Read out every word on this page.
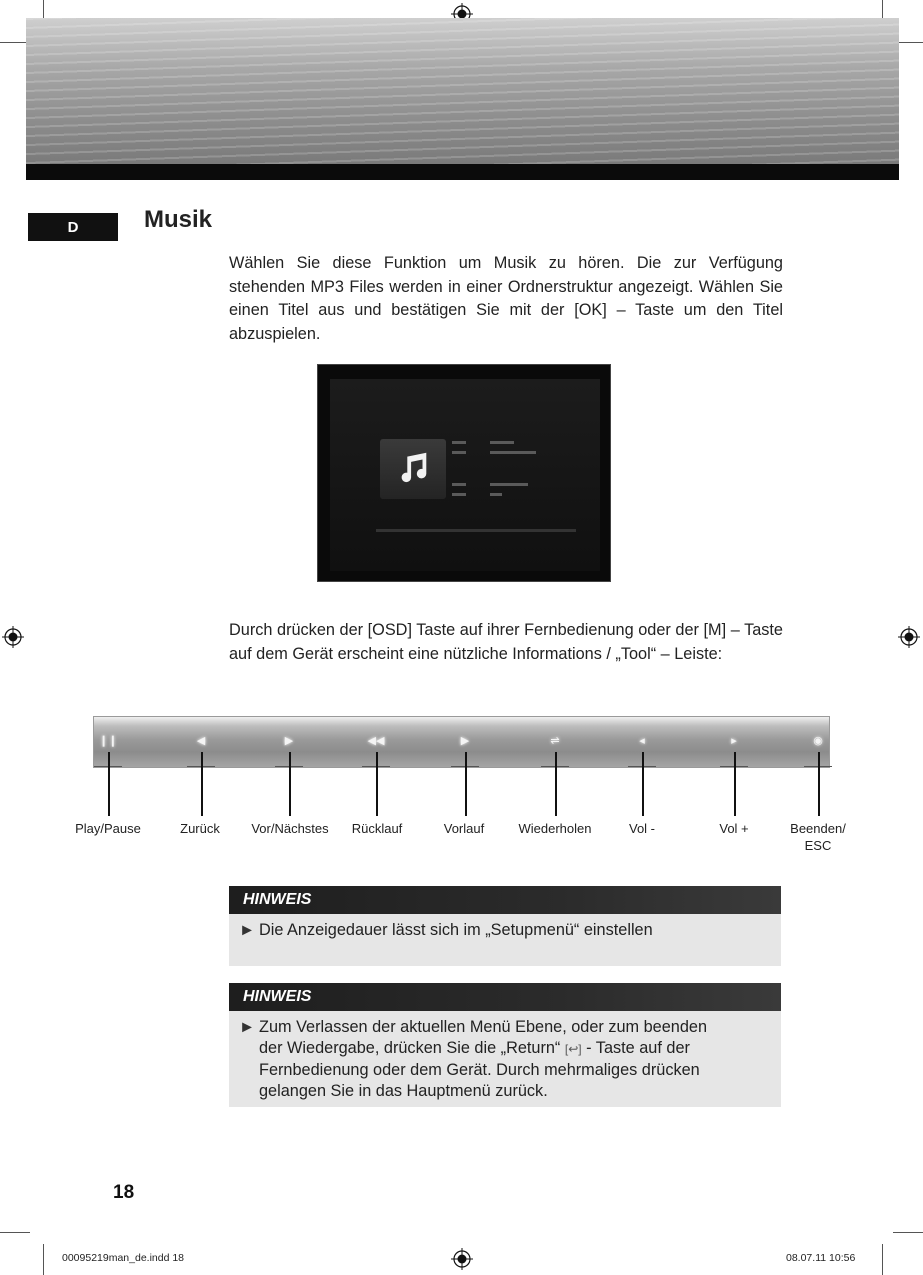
D	Musik
Wählen Sie diese Funktion um Musik zu hören. Die zur Verfügung stehenden MP3 Files werden in einer Ordnerstruktur angezeigt. Wählen Sie einen Titel aus und bestätigen Sie mit der [OK] – Taste um den Titel abzuspielen.
Durch drücken der [OSD] Taste auf ihrer Fernbedienung oder der [M] – Taste auf dem Gerät erscheint eine nützliche Informations / „Tool“ – Leiste:
❙❙
Play/Pause
◀
Zurück
▶
Vor/Nächstes
◀◀
Rücklauf
▶
Vorlauf
⇌
Wiederholen
◂
Vol -
▸
Vol +
◉
Beenden/
ESC
HINWEIS
► Die Anzeigedauer lässt sich im „Setupmenü“ einstellen
HINWEIS
► Zum Verlassen der aktuellen Menü Ebene, oder zum beenden
der Wiedergabe, drücken Sie die „Return“ [↩] - Taste auf der
Fernbedienung oder dem Gerät. Durch mehrmaliges drücken
gelangen Sie in das Hauptmenü zurück.
18
00095219man_de.indd 18	08.07.11 10:56
